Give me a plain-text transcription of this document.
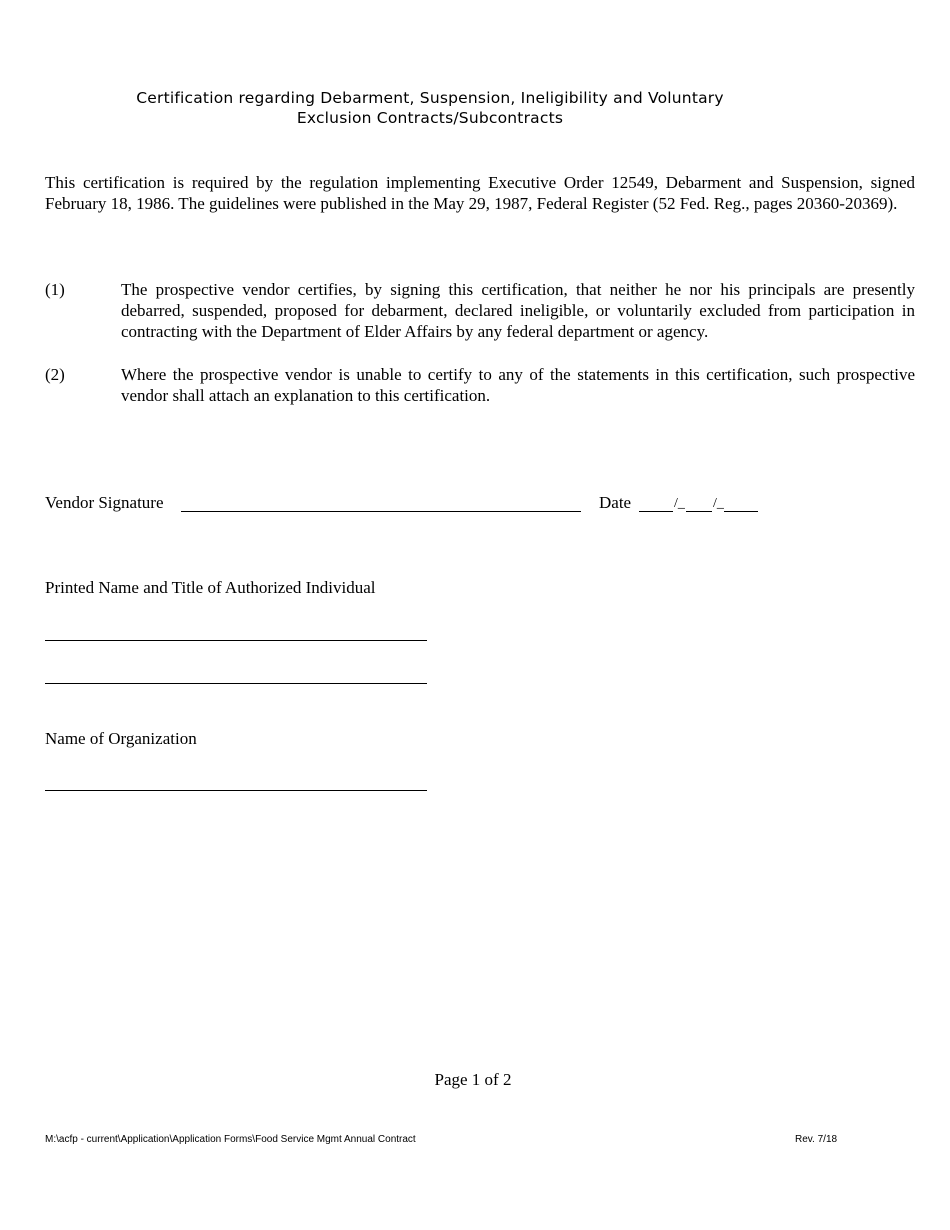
Certification regarding Debarment, Suspension, Ineligibility and Voluntary
Exclusion Contracts/Subcontracts
This certification is required by the regulation implementing Executive Order 12549, Debarment and Suspension, signed February 18, 1986. The guidelines were published in the May 29, 1987, Federal Register (52 Fed. Reg., pages 20360-20369).
(1)	The prospective vendor certifies, by signing this certification, that neither he nor his principals are presently debarred, suspended, proposed for debarment, declared ineligible, or voluntarily excluded from participation in contracting with the Department of Elder Affairs by any federal department or agency.
(2)	Where the prospective vendor is unable to certify to any of the statements in this certification, such prospective vendor shall attach an explanation to this certification.
Vendor Signature	Date	/_ /_
Printed Name and Title of Authorized Individual
Name of Organization
Page 1 of 2
M:\acfp - current\Application\Application Forms\Food Service Mgmt Annual Contract	Rev. 7/18
